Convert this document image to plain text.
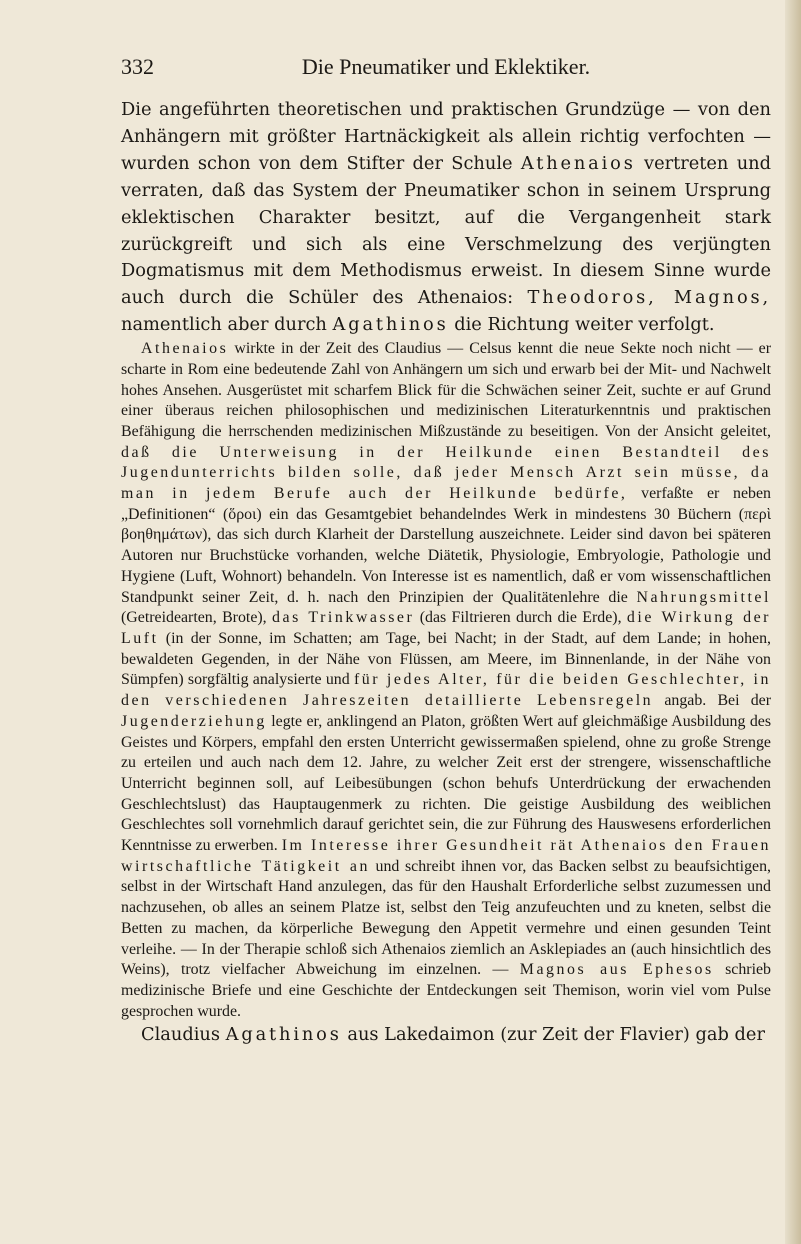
332	Die Pneumatiker und Eklektiker.

Die angeführten theoretischen und praktischen Grundzüge — von den Anhängern mit größter Hartnäckigkeit als allein richtig verfochten — wurden schon von dem Stifter der Schule Athenaios vertreten und verraten, daß das System der Pneumatiker schon in seinem Ursprung eklektischen Charakter besitzt, auf die Vergangenheit stark zurückgreift und sich als eine Verschmelzung des verjüngten Dogmatismus mit dem Methodismus erweist. In diesem Sinne wurde auch durch die Schüler des Athenaios: Theodoros, Magnos, namentlich aber durch Agathinos die Richtung weiter verfolgt.

Athenaios wirkte in der Zeit des Claudius — Celsus kennt die neue Sekte noch nicht — er scharte in Rom eine bedeutende Zahl von Anhängern um sich und erwarb bei der Mit- und Nachwelt hohes Ansehen. Ausgerüstet mit scharfem Blick für die Schwächen seiner Zeit, suchte er auf Grund einer überaus reichen philosophischen und medizinischen Literaturkenntnis und praktischen Befähigung die herrschenden medizinischen Mißzustände zu beseitigen. Von der Ansicht geleitet, daß die Unterweisung in der Heilkunde einen Bestandteil des Jugendunterrichts bilden solle, daß jeder Mensch Arzt sein müsse, da man in jedem Berufe auch der Heilkunde bedürfe, verfaßte er neben „Definitionen“ (ὅροι) ein das Gesamtgebiet behandelndes Werk in mindestens 30 Büchern (περὶ βοηθημάτων), das sich durch Klarheit der Darstellung auszeichnete. Leider sind davon bei späteren Autoren nur Bruchstücke vorhanden, welche Diätetik, Physiologie, Embryologie, Pathologie und Hygiene (Luft, Wohnort) behandeln. Von Interesse ist es namentlich, daß er vom wissenschaftlichen Standpunkt seiner Zeit, d. h. nach den Prinzipien der Qualitätenlehre die Nahrungsmittel (Getreidearten, Brote), das Trinkwasser (das Filtrieren durch die Erde), die Wirkung der Luft (in der Sonne, im Schatten; am Tage, bei Nacht; in der Stadt, auf dem Lande; in hohen, bewaldeten Gegenden, in der Nähe von Flüssen, am Meere, im Binnenlande, in der Nähe von Sümpfen) sorgfältig analysierte und für jedes Alter, für die beiden Geschlechter, in den verschiedenen Jahreszeiten detaillierte Lebensregeln angab. Bei der Jugenderziehung legte er, anklingend an Platon, größten Wert auf gleichmäßige Ausbildung des Geistes und Körpers, empfahl den ersten Unterricht gewissermaßen spielend, ohne zu große Strenge zu erteilen und auch nach dem 12. Jahre, zu welcher Zeit erst der strengere, wissenschaftliche Unterricht beginnen soll, auf Leibesübungen (schon behufs Unterdrückung der erwachenden Geschlechtslust) das Hauptaugenmerk zu richten. Die geistige Ausbildung des weiblichen Geschlechtes soll vornehmlich darauf gerichtet sein, die zur Führung des Hauswesens erforderlichen Kenntnisse zu erwerben. Im Interesse ihrer Gesundheit rät Athenaios den Frauen wirtschaftliche Tätigkeit an und schreibt ihnen vor, das Backen selbst zu beaufsichtigen, selbst in der Wirtschaft Hand anzulegen, das für den Haushalt Erforderliche selbst zuzumessen und nachzusehen, ob alles an seinem Platze ist, selbst den Teig anzufeuchten und zu kneten, selbst die Betten zu machen, da körperliche Bewegung den Appetit vermehre und einen gesunden Teint verleihe. — In der Therapie schloß sich Athenaios ziemlich an Asklepiades an (auch hinsichtlich des Weins), trotz vielfacher Abweichung im einzelnen. — Magnos aus Ephesos schrieb medizinische Briefe und eine Geschichte der Entdeckungen seit Themison, worin viel vom Pulse gesprochen wurde.

Claudius Agathinos aus Lakedaimon (zur Zeit der Flavier) gab der
